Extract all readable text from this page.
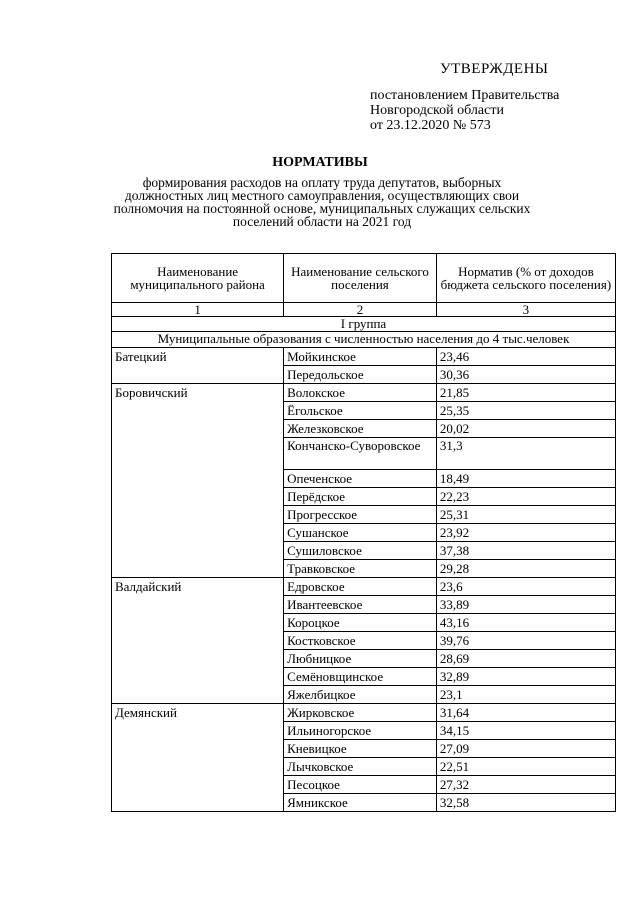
УТВЕРЖДЕНЫ
постановлением Правительства
Новгородской области
от 23.12.2020 № 573
НОРМАТИВЫ
формирования расходов на оплату труда депутатов, выборных должностных лиц местного самоуправления, осуществляющих свои полномочия на постоянной основе, муниципальных служащих сельских поселений области на 2021 год
Наименование муниципального района	Наименование сельского поселения	Норматив (% от доходов бюджета сельского поселения)
1	2	3
I группа		
Муниципальные образования с численностью населения до 4 тыс.человек		
Батецкий	Мойкинское	23,46
	Передольское	30,36
Боровичский	Волокское	21,85
	Ёгольское	25,35
	Железковское	20,02
	Кончанско-Суворовское	31,3
	Опеченское	18,49
	Перёдское	22,23
	Прогресское	25,31
	Сушанское	23,92
	Сушиловское	37,38
	Травковское	29,28
Валдайский	Едровское	23,6
	Ивантеевское	33,89
	Короцкое	43,16
	Костковское	39,76
	Любницкое	28,69
	Семёновщинское	32,89
	Яжелбицкое	23,1
Демянский	Жирковское	31,64
	Ильиногорское	34,15
	Кневицкое	27,09
	Лычковское	22,51
	Песоцкое	27,32
	Ямникское	32,58
